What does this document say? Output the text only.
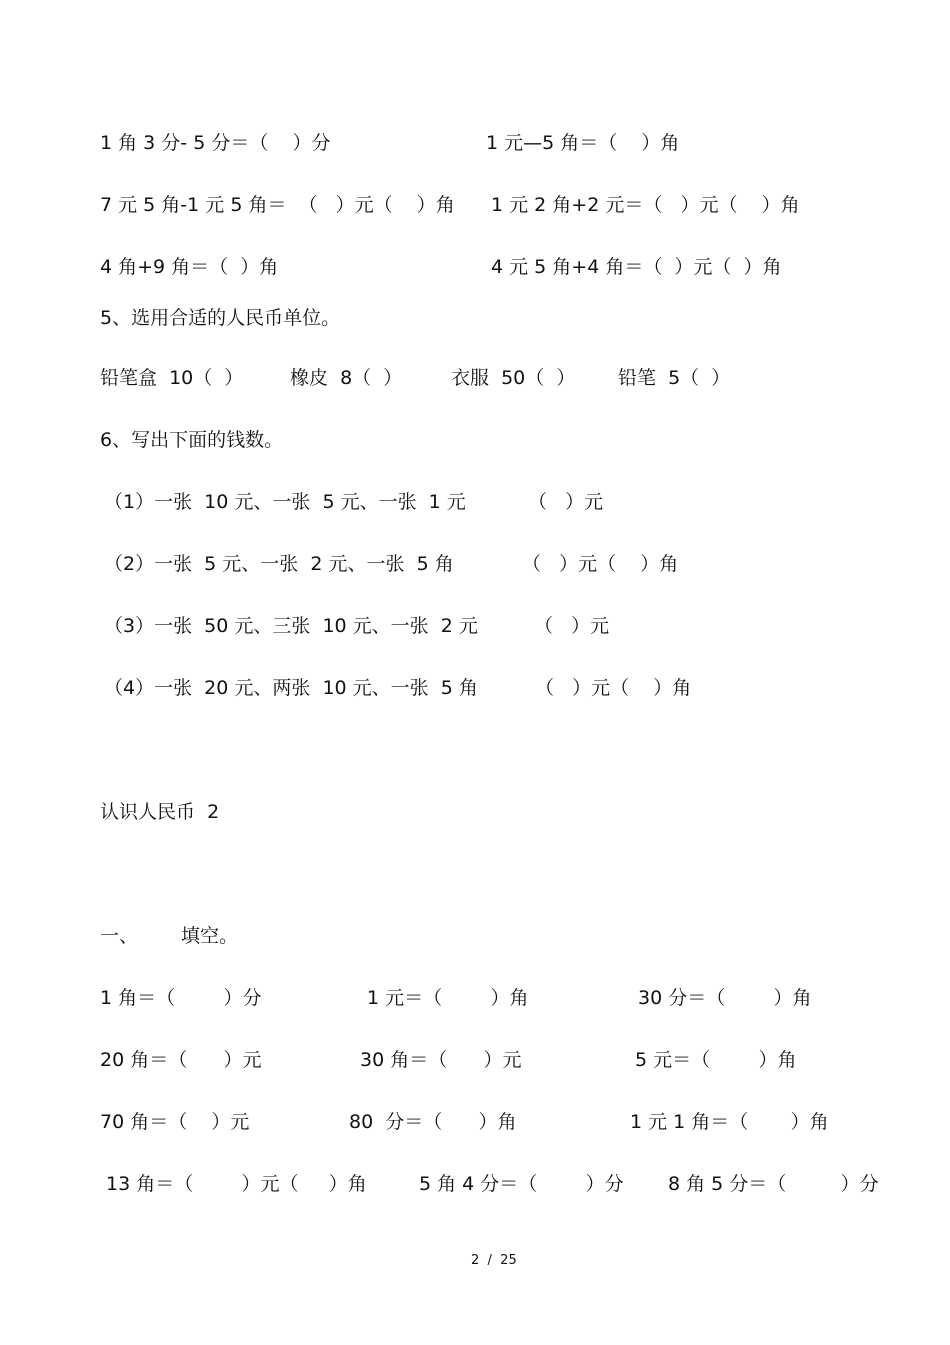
1 角 3 分- 5 分＝（    ）分	1 元—5 角＝（    ）角
7 元 5 角-1 元 5 角＝  （   ）元（    ）角 1 元 2 角+2 元＝（   ）元（    ）角
4 角+9 角＝（  ）角	4 元 5 角+4 角＝（  ）元（  ）角
5、选用合适的人民币单位。
铅笔盒  10（  ） 橡皮  8（  ）	衣服  50（  ） 铅笔  5（  ）
6、写出下面的钱数。
（1）一张  10 元、一张  5 元、一张  1 元	（   ）元
（2）一张  5 元、一张  2 元、一张  5 角	（   ）元（    ）角
（3）一张  50 元、三张  10 元、一张  2 元	（   ）元
（4）一张  20 元、两张  10 元、一张  5 角	（   ）元（    ）角
认识人民币  2
一、 填空。
1 角＝（        ）分	1 元＝（        ）角	30 分＝（        ）角
20 角＝（      ）元	30 角＝（      ）元	5 元＝（        ）角
70 角＝（    ）元	80  分＝（      ）角	1 元 1 角＝（       ）角
13 角＝（        ）元（     ）角	5 角 4 分＝（        ）分 8 角 5 分＝（         ）分
2  /  25
